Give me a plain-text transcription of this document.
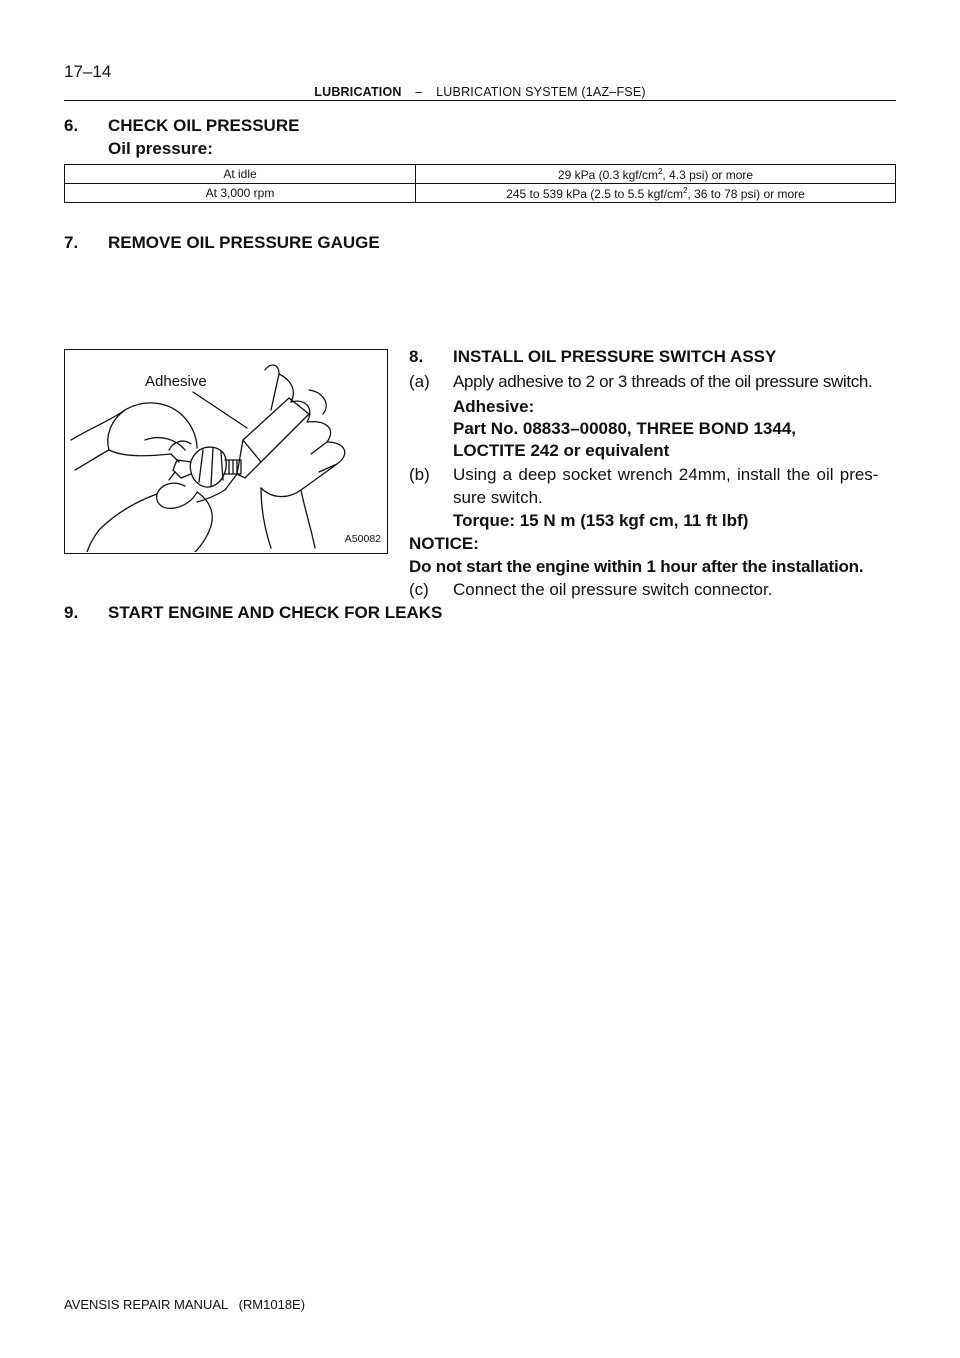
17–14
LUBRICATION – LUBRICATION SYSTEM (1AZ–FSE)
6. CHECK OIL PRESSURE
Oil pressure:
At idle	29 kPa (0.3 kgf/$cm^2$, 4.3 psi) or more
At 3,000 rpm	245 to 539 kPa (2.5 to 5.5 kgf/$cm^2$, 36 to 78 psi) or more
7. REMOVE OIL PRESSURE GAUGE
Adhesive
A50082
8. INSTALL OIL PRESSURE SWITCH ASSY
(a) Apply adhesive to 2 or 3 threads of the oil pressure switch.
Adhesive:
Part No. 08833–00080, THREE BOND 1344,
LOCTITE 242 or equivalent
(b) Using a deep socket wrench 24mm, install the oil pres-
sure switch.
Torque: 15 N m (153 kgf cm, 11 ft lbf)
NOTICE:
Do not start the engine within 1 hour after the installation.
(c) Connect the oil pressure switch connector.
9. START ENGINE AND CHECK FOR LEAKS
AVENSIS REPAIR MANUAL   (RM1018E)
